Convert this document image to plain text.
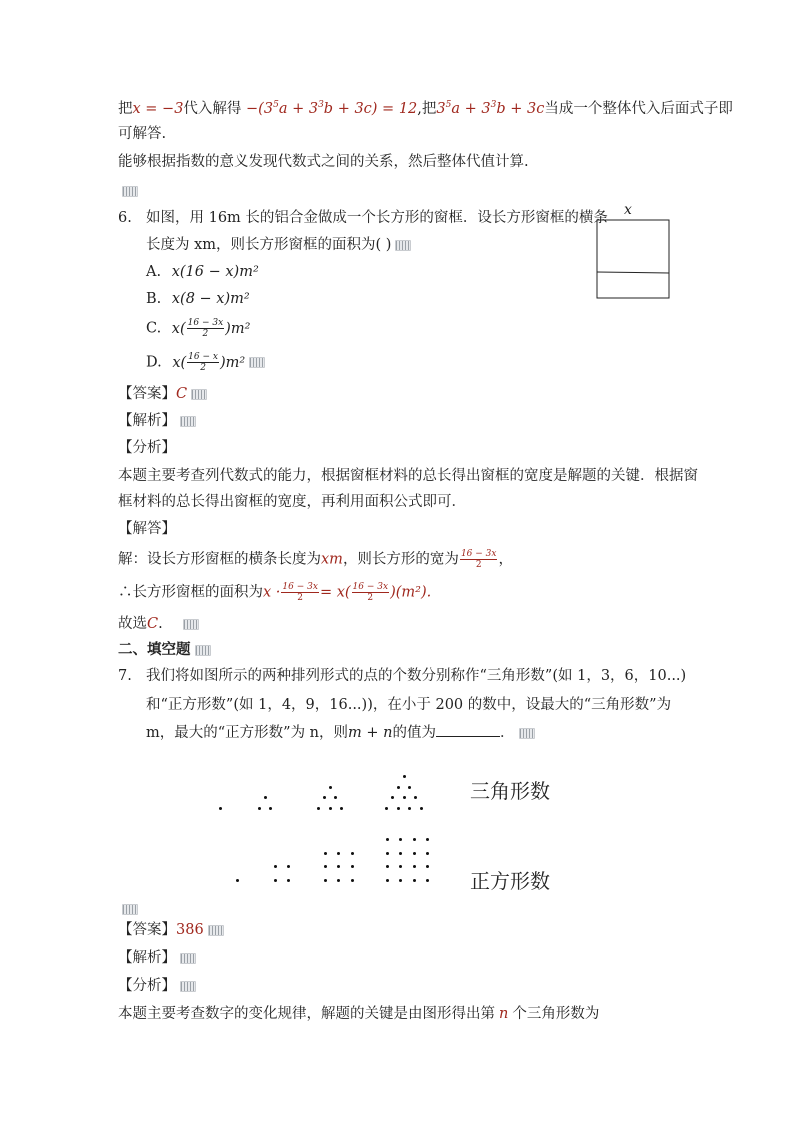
把x = −3代入解得 $-(3^5a + 3^3b + 3c) = 12$,把$3^5a + 3^3b + 3c$当成一个整体代入后面式子即
可解答.
能够根据指数的意义发现代数式之间的关系，然后整体代值计算.
6. 如图，用 16m 长的铝合金做成一个长方形的窗框．设长方形窗框的横条
长度为 xm，则长方形窗框的面积为( )
A. x(16 − x)m²
B. x(8 − x)m²
C. $x( \frac{16 - 3x}{2} )m^2$
D. $x( \frac{16 - x}{2} )m^2$
x
【答案】C
【解析】
【分析】
本题主要考查列代数式的能力，根据窗框材料的总长得出窗框的宽度是解题的关键．根据窗
框材料的总长得出窗框的宽度，再利用面积公式即可．
【解答】
解：设长方形窗框的横条长度为xm，则长方形的宽为 $\frac{16 - 3x}{2}$ ，
∴长方形窗框的面积为$x \cdot \frac{16 - 3x}{2} = x( \frac{16 - 3x}{2} )(m^2)$.
故选C.
二、填空题
7. 我们将如图所示的两种排列形式的点的个数分别称作“三角形数”(如 1，3，6，10...)
和“正方形数”(如 1，4，9，16...))，在小于 200 的数中，设最大的“三角形数”为
m，最大的“正方形数”为 n，则m + n的值为	．
三角形数
正方形数
【答案】386
【解析】
【分析】
本题主要考查数字的变化规律，解题的关键是由图形得出第 n 个三角形数为
